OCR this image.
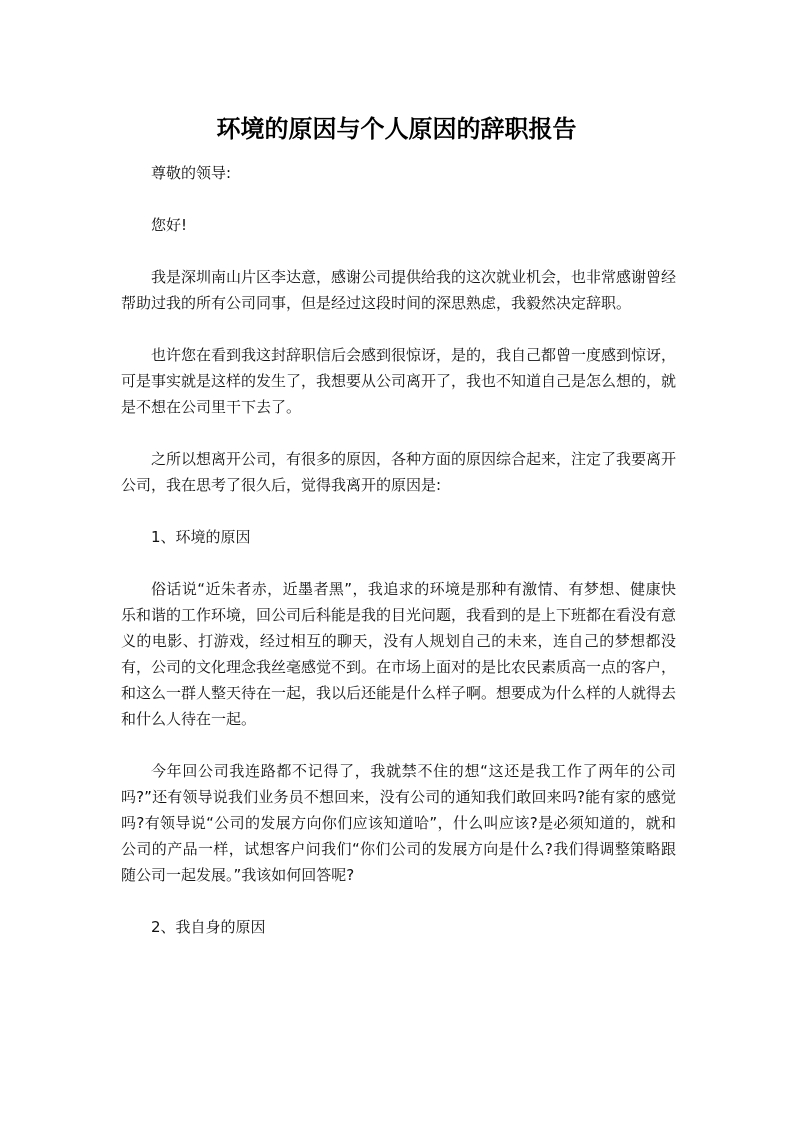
环境的原因与个人原因的辞职报告

尊敬的领导:

您好!

我是深圳南山片区李达意，感谢公司提供给我的这次就业机会，也非常感谢曾经帮助过我的所有公司同事，但是经过这段时间的深思熟虑，我毅然决定辞职。

也许您在看到我这封辞职信后会感到很惊讶，是的，我自己都曾一度感到惊讶，可是事实就是这样的发生了，我想要从公司离开了，我也不知道自己是怎么想的，就是不想在公司里干下去了。

之所以想离开公司，有很多的原因，各种方面的原因综合起来，注定了我要离开公司，我在思考了很久后，觉得我离开的原因是:

1、环境的原因

俗话说“近朱者赤，近墨者黑”，我追求的环境是那种有激情、有梦想、健康快乐和谐的工作环境，回公司后科能是我的目光问题，我看到的是上下班都在看没有意义的电影、打游戏，经过相互的聊天，没有人规划自己的未来，连自己的梦想都没有，公司的文化理念我丝毫感觉不到。在市场上面对的是比农民素质高一点的客户，和这么一群人整天待在一起，我以后还能是什么样子啊。想要成为什么样的人就得去和什么人待在一起。

今年回公司我连路都不记得了，我就禁不住的想“这还是我工作了两年的公司吗?”还有领导说我们业务员不想回来，没有公司的通知我们敢回来吗?能有家的感觉吗?有领导说“公司的发展方向你们应该知道哈”，什么叫应该?是必须知道的，就和公司的产品一样，试想客户问我们“你们公司的发展方向是什么?我们得调整策略跟随公司一起发展。”我该如何回答呢?

2、我自身的原因
